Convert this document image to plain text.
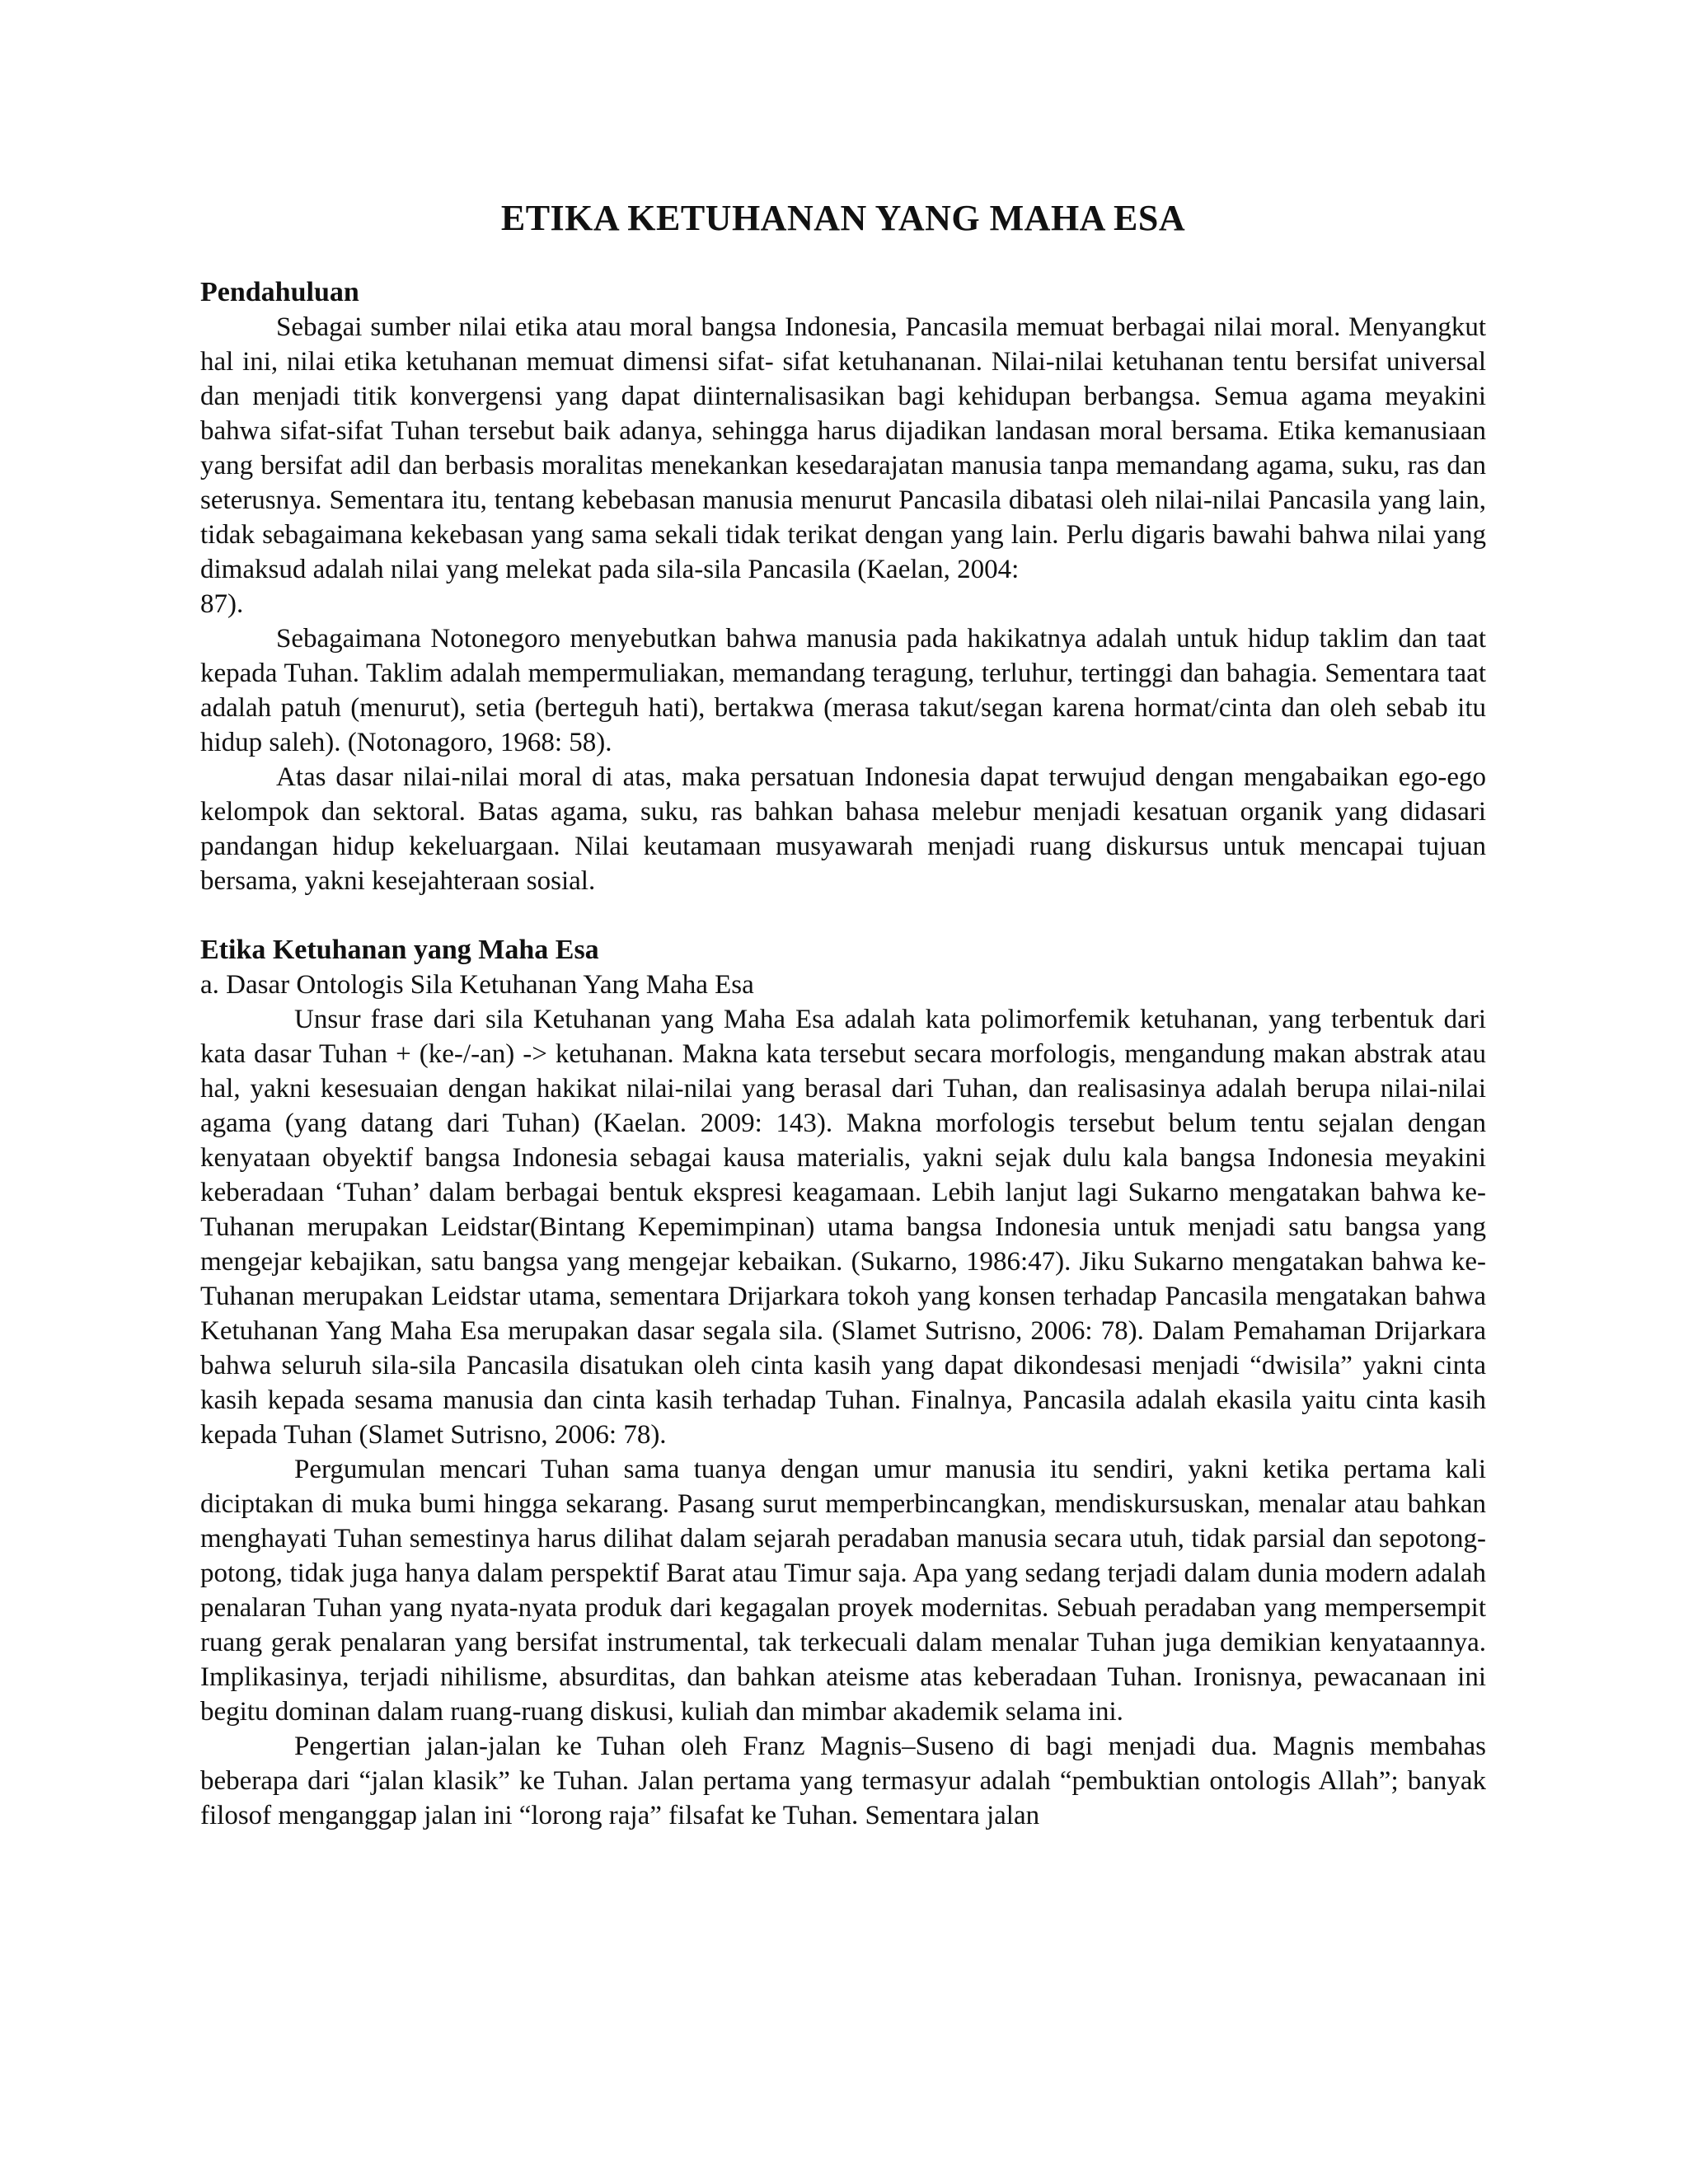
ETIKA KETUHANAN YANG MAHA ESA
Pendahuluan

Sebagai sumber nilai etika atau moral bangsa Indonesia, Pancasila memuat berbagai nilai moral. Menyangkut hal ini, nilai etika ketuhanan memuat dimensi sifat- sifat ketuhananan. Nilai-nilai ketuhanan tentu bersifat universal dan menjadi titik konvergensi yang dapat diinternalisasikan bagi kehidupan berbangsa. Semua agama meyakini bahwa sifat-sifat Tuhan tersebut baik adanya, sehingga harus dijadikan landasan moral bersama. Etika kemanusiaan yang bersifat adil dan berbasis moralitas menekankan kesedarajatan manusia tanpa memandang agama, suku, ras dan seterusnya. Sementara itu, tentang kebebasan manusia menurut Pancasila dibatasi oleh nilai-nilai Pancasila yang lain, tidak sebagaimana kekebasan yang sama sekali tidak terikat dengan yang lain. Perlu digaris bawahi bahwa nilai yang dimaksud adalah nilai yang melekat pada sila-sila Pancasila (Kaelan, 2004:
87).

Sebagaimana Notonegoro menyebutkan bahwa manusia pada hakikatnya adalah untuk hidup taklim dan taat kepada Tuhan. Taklim adalah mempermuliakan, memandang teragung, terluhur, tertinggi dan bahagia. Sementara taat adalah patuh (menurut), setia (berteguh hati), bertakwa (merasa takut/segan karena hormat/cinta dan oleh sebab itu hidup saleh). (Notonagoro, 1968: 58).

Atas dasar nilai-nilai moral di atas, maka persatuan Indonesia dapat terwujud dengan mengabaikan ego-ego kelompok dan sektoral. Batas agama, suku, ras bahkan bahasa melebur menjadi kesatuan organik yang didasari pandangan hidup kekeluargaan. Nilai keutamaan musyawarah menjadi ruang diskursus untuk mencapai tujuan bersama, yakni kesejahteraan sosial.

Etika Ketuhanan yang Maha Esa

a. Dasar Ontologis Sila Ketuhanan Yang Maha Esa

Unsur frase dari sila Ketuhanan yang Maha Esa adalah kata polimorfemik ketuhanan, yang terbentuk dari kata dasar Tuhan + (ke-/-an) -> ketuhanan. Makna kata tersebut secara morfologis, mengandung makan abstrak atau hal, yakni kesesuaian dengan hakikat nilai-nilai yang berasal dari Tuhan, dan realisasinya adalah berupa nilai-nilai agama (yang datang dari Tuhan) (Kaelan. 2009: 143). Makna morfologis tersebut belum tentu sejalan dengan kenyataan obyektif bangsa Indonesia sebagai kausa materialis, yakni sejak dulu kala bangsa Indonesia meyakini keberadaan ‘Tuhan’ dalam berbagai bentuk ekspresi keagamaan. Lebih lanjut lagi Sukarno mengatakan bahwa ke-Tuhanan merupakan Leidstar(Bintang Kepemimpinan) utama bangsa Indonesia untuk menjadi satu bangsa yang mengejar kebajikan, satu bangsa yang mengejar kebaikan. (Sukarno, 1986:47). Jiku Sukarno mengatakan bahwa ke-Tuhanan merupakan Leidstar utama, sementara Drijarkara tokoh yang konsen terhadap Pancasila mengatakan bahwa Ketuhanan Yang Maha Esa merupakan dasar segala sila. (Slamet Sutrisno, 2006: 78). Dalam Pemahaman Drijarkara bahwa seluruh sila-sila Pancasila disatukan oleh cinta kasih yang dapat dikondesasi menjadi “dwisila” yakni cinta kasih kepada sesama manusia dan cinta kasih terhadap Tuhan. Finalnya, Pancasila adalah ekasila yaitu cinta kasih kepada Tuhan (Slamet Sutrisno, 2006: 78).

Pergumulan mencari Tuhan sama tuanya dengan umur manusia itu sendiri, yakni ketika pertama kali diciptakan di muka bumi hingga sekarang. Pasang surut memperbincangkan, mendiskursuskan, menalar atau bahkan menghayati Tuhan semestinya harus dilihat dalam sejarah peradaban manusia secara utuh, tidak parsial dan sepotong-potong, tidak juga hanya dalam perspektif Barat atau Timur saja. Apa yang sedang terjadi dalam dunia modern adalah penalaran Tuhan yang nyata-nyata produk dari kegagalan proyek modernitas. Sebuah peradaban yang mempersempit ruang gerak penalaran yang bersifat instrumental, tak terkecuali dalam menalar Tuhan juga demikian kenyataannya. Implikasinya, terjadi nihilisme, absurditas, dan bahkan ateisme atas keberadaan Tuhan. Ironisnya, pewacanaan ini begitu dominan dalam ruang-ruang diskusi, kuliah dan mimbar akademik selama ini.

Pengertian jalan-jalan ke Tuhan oleh Franz Magnis–Suseno di bagi menjadi dua. Magnis membahas beberapa dari “jalan klasik” ke Tuhan. Jalan pertama yang termasyur adalah “pembuktian ontologis Allah”; banyak filosof menganggap jalan ini “lorong raja” filsafat ke Tuhan. Sementara jalan
